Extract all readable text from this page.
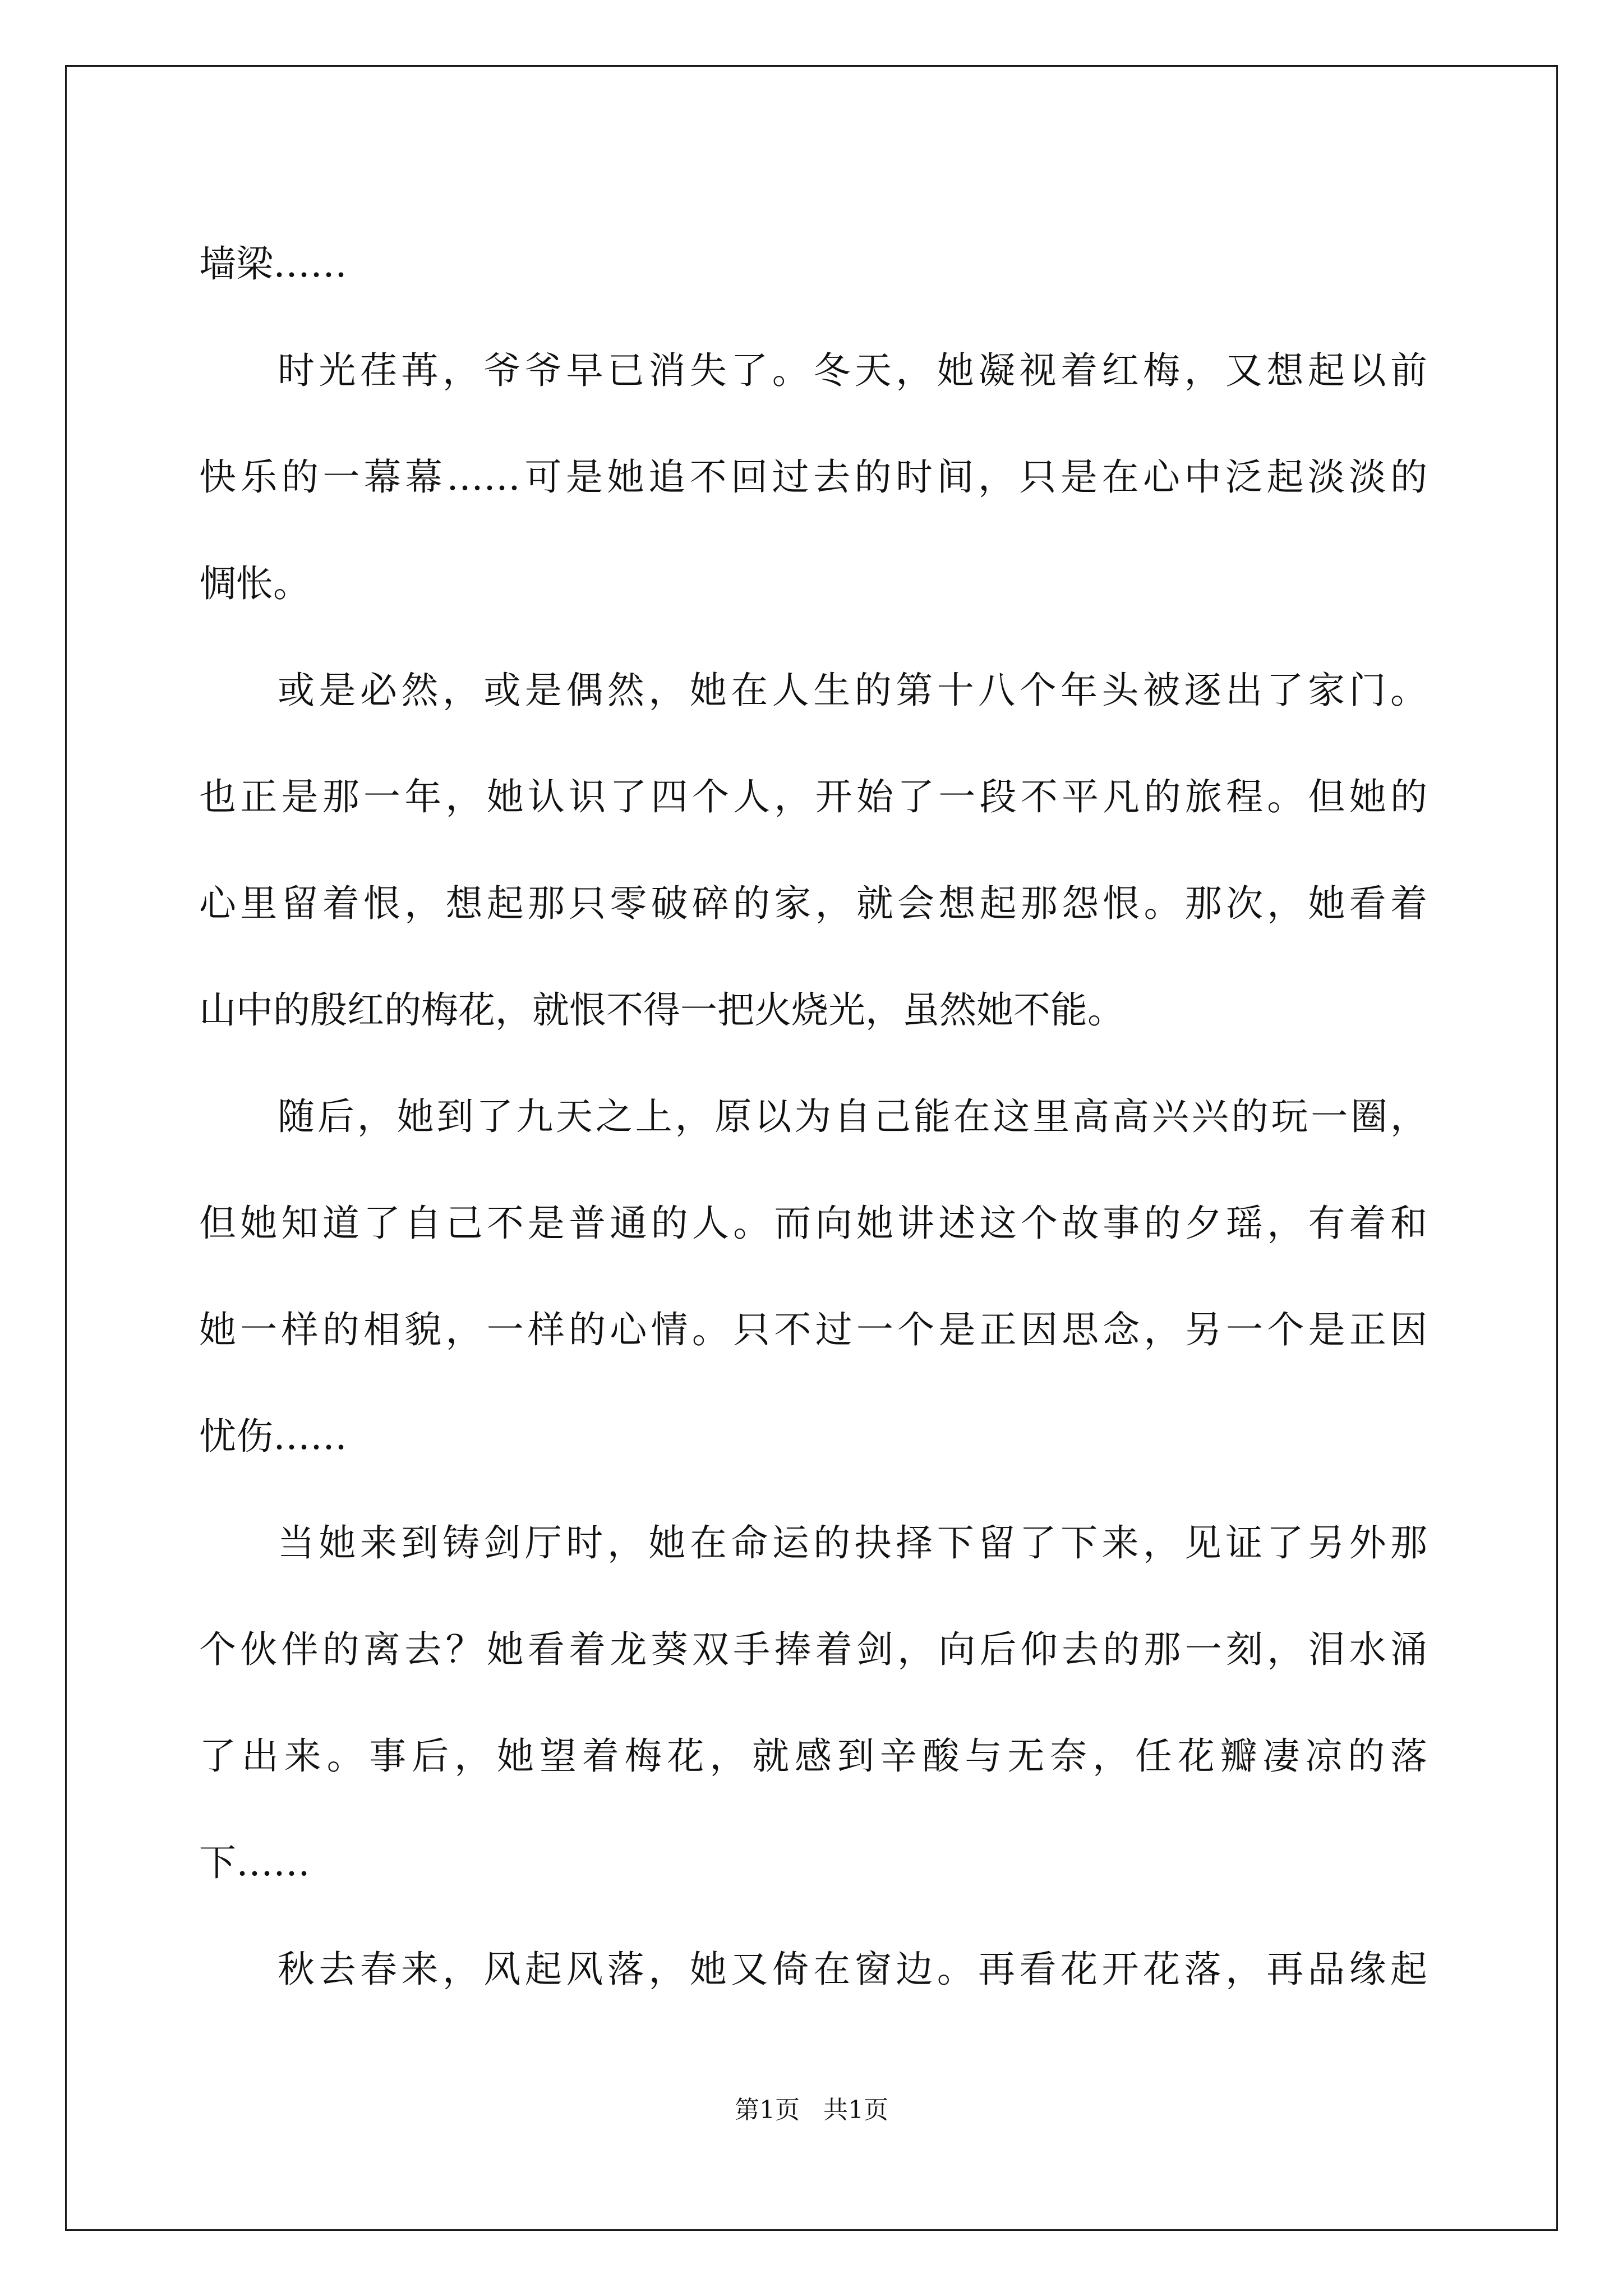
墙梁……
时光荏苒，爷爷早已消失了。冬天，她凝视着红梅，又想起以前
快乐的一幕幕……可是她追不回过去的时间，只是在心中泛起淡淡的
惆怅。
或是必然，或是偶然，她在人生的第十八个年头被逐出了家门。
也正是那一年，她认识了四个人，开始了一段不平凡的旅程。但她的
心里留着恨，想起那只零破碎的家，就会想起那怨恨。那次，她看着
山中的殷红的梅花，就恨不得一把火烧光，虽然她不能。
随后，她到了九天之上，原以为自己能在这里高高兴兴的玩一圈，
但她知道了自己不是普通的人。而向她讲述这个故事的夕瑶，有着和
她一样的相貌，一样的心情。只不过一个是正因思念，另一个是正因
忧伤……
当她来到铸剑厅时，她在命运的抉择下留了下来，见证了另外那
个伙伴的离去？她看着龙葵双手捧着剑，向后仰去的那一刻，泪水涌
了出来。事后，她望着梅花，就感到辛酸与无奈，任花瓣凄凉的落
下……
秋去春来，风起风落，她又倚在窗边。再看花开花落，再品缘起
第1页 共1页
